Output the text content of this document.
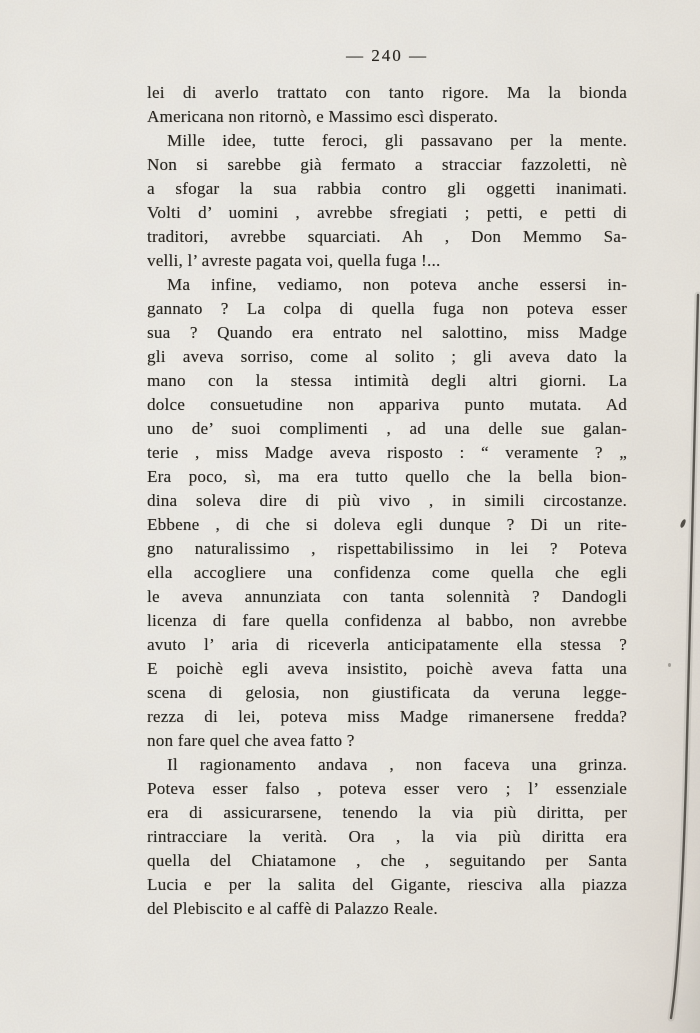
— 240 —
lei di averlo trattato con tanto rigore. Ma la bionda
Americana non ritornò, e Massimo escì disperato.
Mille idee, tutte feroci, gli passavano per la mente.
Non si sarebbe già fermato a stracciar fazzoletti, nè
a sfogar la sua rabbia contro gli oggetti inanimati.
Volti d’ uomini , avrebbe sfregiati ; petti, e petti di
traditori, avrebbe squarciati. Ah , Don Memmo Sa-
velli, l’ avreste pagata voi, quella fuga !...
Ma infine, vediamo, non poteva anche essersi in-
gannato ? La colpa di quella fuga non poteva esser
sua ? Quando era entrato nel salottino, miss Madge
gli aveva sorriso, come al solito ; gli aveva dato la
mano con la stessa intimità degli altri giorni. La
dolce consuetudine non appariva punto mutata. Ad
uno de’ suoi complimenti , ad una delle sue galan-
terie , miss Madge aveva risposto : “ veramente ? „
Era poco, sì, ma era tutto quello che la bella bion-
dina soleva dire di più vivo , in simili circostanze.
Ebbene , di che si doleva egli dunque ? Di un rite-
gno naturalissimo , rispettabilissimo in lei ? Poteva
ella accogliere una confidenza come quella che egli
le aveva annunziata con tanta solennità ? Dandogli
licenza di fare quella confidenza al babbo, non avrebbe
avuto l’ aria di riceverla anticipatamente ella stessa ?
E poichè egli aveva insistito, poichè aveva fatta una
scena di gelosia, non giustificata da veruna legge-
rezza di lei, poteva miss Madge rimanersene fredda?
non fare quel che avea fatto ?
Il ragionamento andava , non faceva una grinza.
Poteva esser falso , poteva esser vero ; l’ essenziale
era di assicurarsene, tenendo la via più diritta, per
rintracciare la verità. Ora , la via più diritta era
quella del Chiatamone , che , seguitando per Santa
Lucia e per la salita del Gigante, riesciva alla piazza
del Plebiscito e al caffè di Palazzo Reale.
